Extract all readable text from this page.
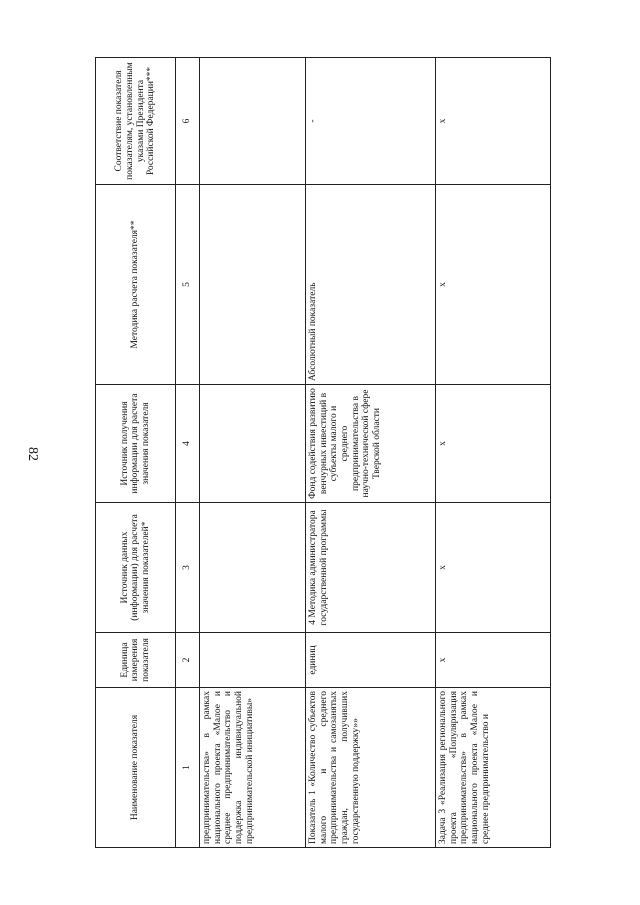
82
Наименование показателя	Единица измерения показателя	Источник данных (информации) для расчета значения показателей*	Источник получения информации для расчета значения показателя	Методика расчета показателя**	Соответствие показателя показателям, установленным указами Президента Российской Федерации***
1	2	3	4	5	6
предпринимательства» в рамках национального проекта «Малое и среднее предпринимательство и поддержка индивидуальной предпринимательской инициативы»					
Показатель 1 «Количество субъектов малого и среднего предпринимательства и самозанятых граждан, получивших государственную поддержку»»	единиц	4 Методика администратора государственной программы	Фонд содействия развитию венчурных инвестиций в субъекты малого и среднего предпринимательства в научно-технической сфере Тверской области	Абсолютный показатель	-
Задача 3 «Реализация регионального проекта «Популяризация предпринимательства» в рамках национального проекта «Малое и среднее предпринимательство и	х	х	х	х	х
